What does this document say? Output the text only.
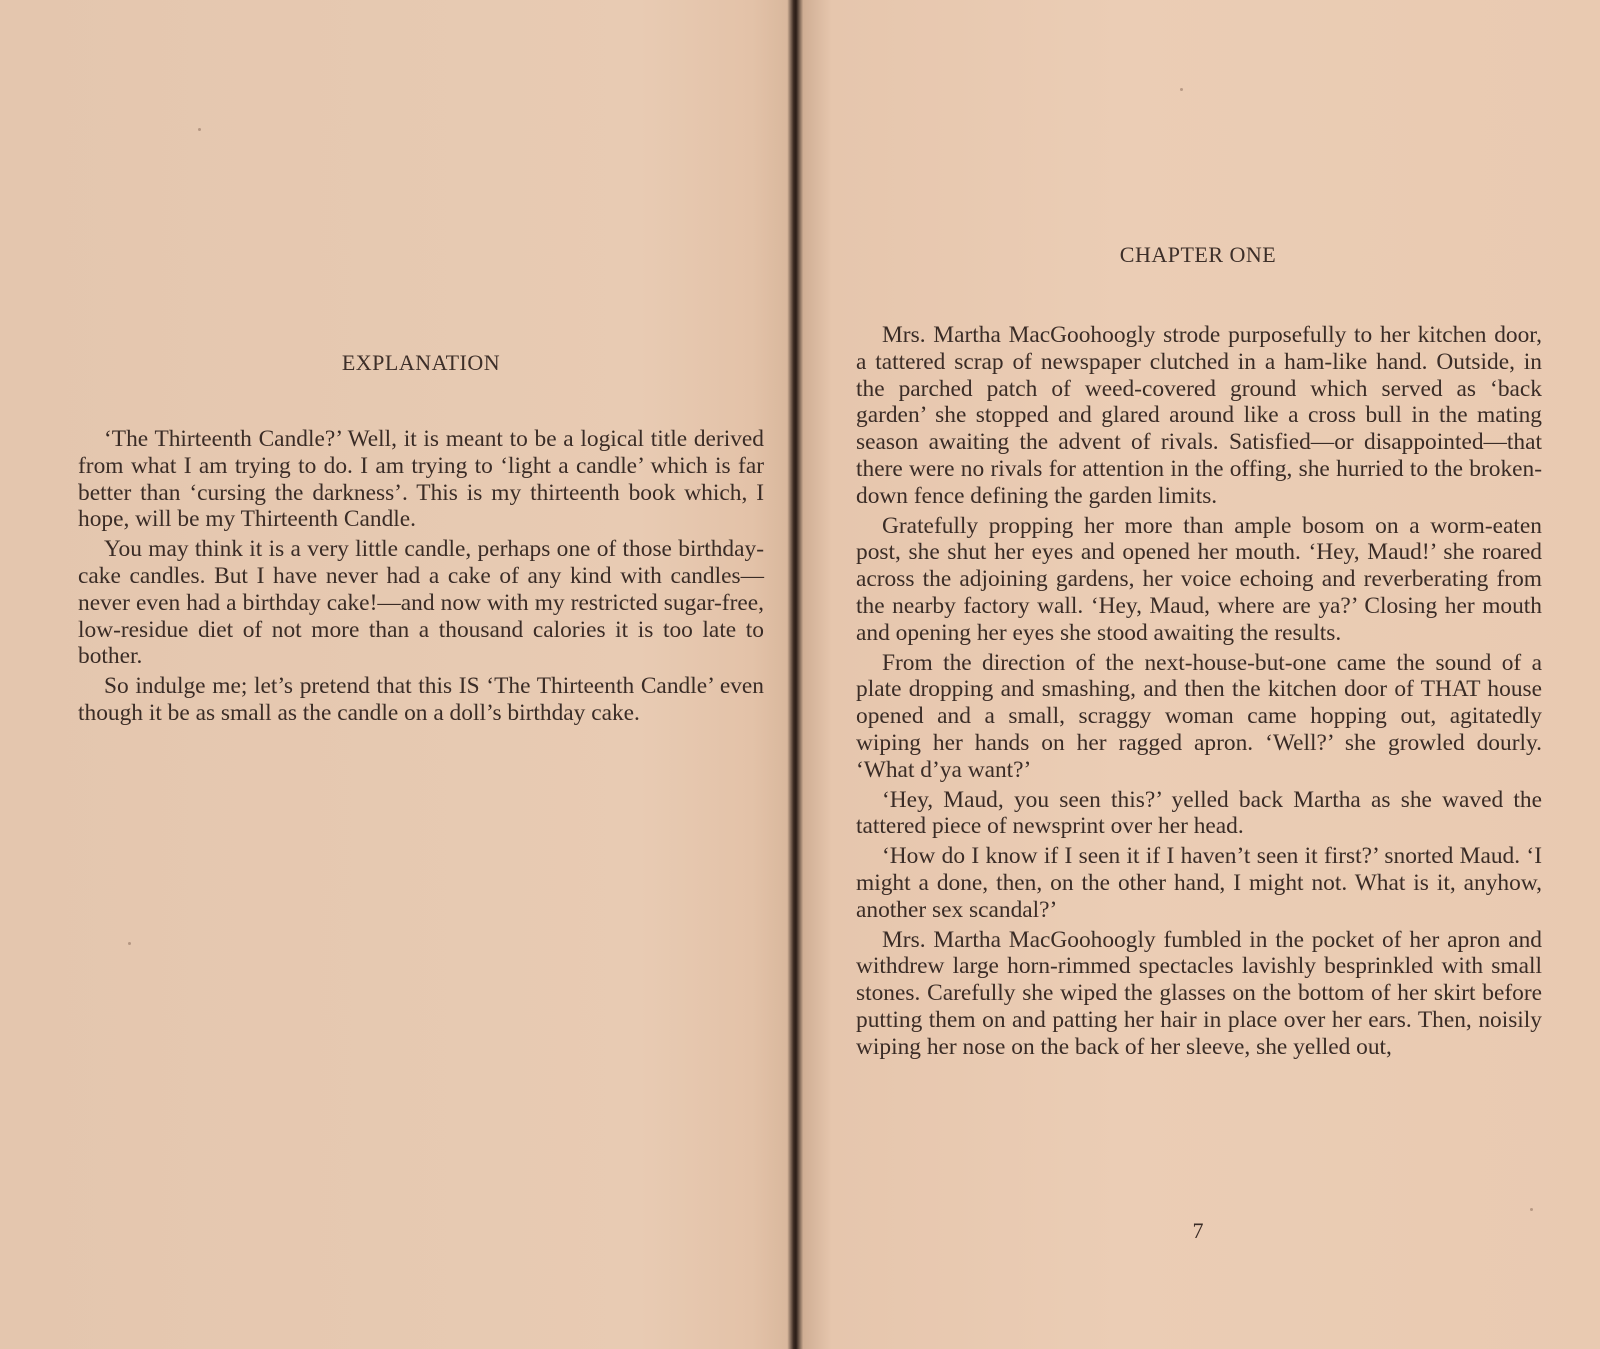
EXPLANATION

‘The Thirteenth Candle?’ Well, it is meant to be a logical title derived from what I am trying to do. I am trying to ‘light a candle’ which is far better than ‘cursing the darkness’. This is my thirteenth book which, I hope, will be my Thirteenth Candle.

You may think it is a very little candle, perhaps one of those birthday-cake candles. But I have never had a cake of any kind with candles—never even had a birthday cake!—and now with my restricted sugar-free, low-residue diet of not more than a thousand calories it is too late to bother.

So indulge me; let’s pretend that this IS ‘The Thirteenth Candle’ even though it be as small as the candle on a doll’s birthday cake.

CHAPTER ONE

Mrs. Martha MacGoohoogly strode purposefully to her kitchen door, a tattered scrap of newspaper clutched in a ham-like hand. Outside, in the parched patch of weed-covered ground which served as ‘back garden’ she stopped and glared around like a cross bull in the mating season awaiting the advent of rivals. Satisfied—or disappointed—that there were no rivals for attention in the offing, she hurried to the broken-down fence defining the garden limits.

Gratefully propping her more than ample bosom on a worm-eaten post, she shut her eyes and opened her mouth. ‘Hey, Maud!’ she roared across the adjoining gardens, her voice echoing and reverberating from the nearby factory wall. ‘Hey, Maud, where are ya?’ Closing her mouth and opening her eyes she stood awaiting the results.

From the direction of the next-house-but-one came the sound of a plate dropping and smashing, and then the kitchen door of THAT house opened and a small, scraggy woman came hopping out, agitatedly wiping her hands on her ragged apron. ‘Well?’ she growled dourly. ‘What d’ya want?’

‘Hey, Maud, you seen this?’ yelled back Martha as she waved the tattered piece of newsprint over her head.

‘How do I know if I seen it if I haven’t seen it first?’ snorted Maud. ‘I might a done, then, on the other hand, I might not. What is it, anyhow, another sex scandal?’

Mrs. Martha MacGoohoogly fumbled in the pocket of her apron and withdrew large horn-rimmed spectacles lavishly besprinkled with small stones. Carefully she wiped the glasses on the bottom of her skirt before putting them on and patting her hair in place over her ears. Then, noisily wiping her nose on the back of her sleeve, she yelled out,

7
